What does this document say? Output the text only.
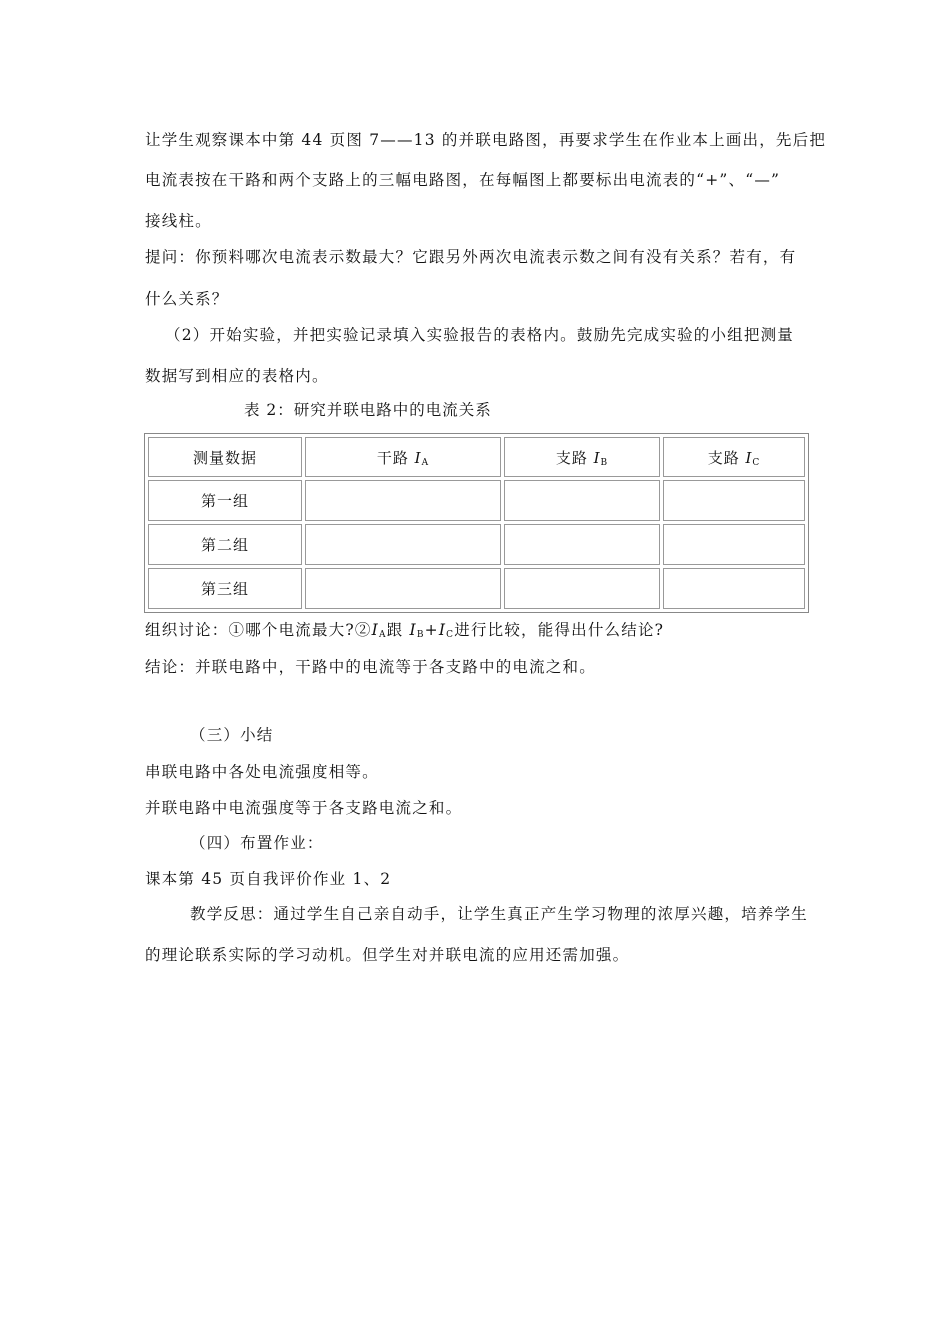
让学生观察课本中第 44 页图 7——13 的并联电路图，再要求学生在作业本上画出，先后把
电流表按在干路和两个支路上的三幅电路图，在每幅图上都要标出电流表的“+”、“—”
接线柱。
提问：你预料哪次电流表示数最大？它跟另外两次电流表示数之间有没有关系？若有，有
什么关系？
（2）开始实验，并把实验记录填入实验报告的表格内。鼓励先完成实验的小组把测量
数据写到相应的表格内。
表 2：研究并联电路中的电流关系
测量数据	干路 $I_A$	支路 $I_B$	支路 $I_C$
第一组			
第二组			
第三组			
组织讨论：①哪个电流最大$?②I_A$跟 $I_B+I_C$进行比较，能得出什么结论?
结论：并联电路中，干路中的电流等于各支路中的电流之和。
（三）小结
串联电路中各处电流强度相等。
并联电路中电流强度等于各支路电流之和。
（四）布置作业：
课本第 45 页自我评价作业 1、2
教学反思：通过学生自己亲自动手，让学生真正产生学习物理的浓厚兴趣，培养学生
的理论联系实际的学习动机。但学生对并联电流的应用还需加强。
